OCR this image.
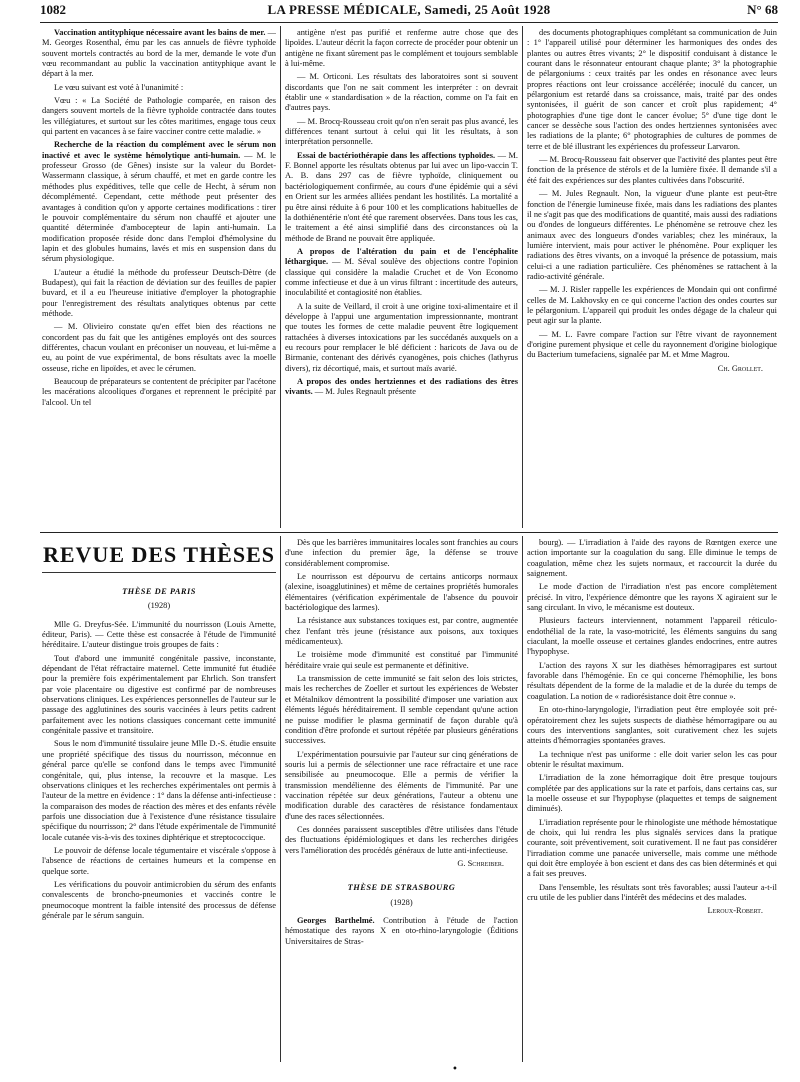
1082	LA PRESSE MÉDICALE, Samedi, 25 Août 1928	N° 68

Vaccination antityphique nécessaire avant les bains de mer. — M. Georges Rosenthal, ému par les cas annuels de fièvre typhoïde souvent mortels contractés au bord de la mer, demande le vote d'un vœu recommandant au public la vaccination antityphique avant le départ à la mer.

Le vœu suivant est voté à l'unanimité :

Vœu : « La Société de Pathologie comparée, en raison des dangers souvent mortels de la fièvre typhoïde contractée dans toutes les villégiatures, et surtout sur les côtes maritimes, engage tous ceux qui partent en vacances à se faire vacciner contre cette maladie. »

Recherche de la réaction du complément avec le sérum non inactivé et avec le système hémolytique anti-humain. — M. le professeur Grosso (de Gênes) insiste sur la valeur du Bordet-Wassermann classique, à sérum chauffé, et met en garde contre les méthodes plus expéditives, telle que celle de Hecht, à sérum non décomplémenté. Cependant, cette méthode peut présenter des avantages à condition qu'on y apporte certaines modifications : tirer le pouvoir complémentaire du sérum non chauffé et ajouter une quantité déterminée d'ambocepteur de lapin anti-humain. La modification proposée réside donc dans l'emploi d'hémolysine du lapin et des globules humains, lavés et mis en suspension dans du sérum physiologique.

L'auteur a étudié la méthode du professeur Deutsch-Dètre (de Budapest), qui fait la réaction de déviation sur des feuilles de papier buvard, et il a eu l'heureuse initiative d'employer la photographie pour l'enregistrement des résultats analytiques obtenus par cette méthode.

— M. Olivieiro constate qu'en effet bien des réactions ne concordent pas du fait que les antigènes employés ont des sources différentes, chacun voulant en préconiser un nouveau, et lui-même a eu, au point de vue expérimental, de bons résultats avec la moelle osseuse, riche en lipoïdes, et avec le cérumen.

Beaucoup de préparateurs se contentent de précipiter par l'acétone les macérations alcooliques d'organes et reprennent le précipité par l'alcool. Un tel

antigène n'est pas purifié et renferme autre chose que des lipoïdes. L'auteur décrit la façon correcte de procéder pour obtenir un antigène ne fixant sûrement pas le complément et toujours semblable à lui-même.

— M. Orticoni. Les résultats des laboratoires sont si souvent discordants que l'on ne sait comment les interpréter : on devrait établir une « standardisation » de la réaction, comme on l'a fait en d'autres pays.

— M. Brocq-Rousseau croit qu'on n'en serait pas plus avancé, les différences tenant surtout à celui qui lit les résultats, à son interprétation personnelle.

Essai de bactériothérapie dans les affections typhoïdes. — M. F. Bonnel apporte les résultats obtenus par lui avec un lipo-vaccin T. A. B. dans 297 cas de fièvre typhoïde, cliniquement ou bactériologiquement confirmée, au cours d'une épidémie qui a sévi en Orient sur les armées alliées pendant les hostilités. La mortalité a pu être ainsi réduite à 6 pour 100 et les complications habituelles de la dothiénentérie n'ont été que rarement observées. Dans tous les cas, le traitement a été ainsi simplifié dans des circonstances où la méthode de Brand ne pouvait être appliquée.

A propos de l'altération du pain et de l'encéphalite léthargique. — M. Séval soulève des objections contre l'opinion classique qui considère la maladie Cruchet et de Von Economo comme infectieuse et due à un virus filtrant : incertitude des auteurs, inoculabilité et contagiosité non établies.

A la suite de Veillard, il croit à une origine toxi-alimentaire et il développe à l'appui une argumentation impressionnante, montrant que toutes les formes de cette maladie peuvent être logiquement rattachées à diverses intoxications par les succédanés auxquels on a eu recours pour remplacer le blé déficient : haricots de Java ou de Birmanie, contenant des dérivés cyanogènes, pois chiches (lathyrus divers), riz décortiqué, mais, et surtout maïs avarié.

A propos des ondes hertziennes et des radiations des êtres vivants. — M. Jules Regnault présente

des documents photographiques complétant sa communication de Juin : 1° l'appareil utilisé pour déterminer les harmoniques des ondes des plantes ou autres êtres vivants; 2° le dispositif conduisant à distance le courant dans le résonnateur entourant chaque plante; 3° la photographie de pélargoniums : ceux traités par les ondes en résonance avec leurs propres réactions ont leur croissance accélérée; inoculé du cancer, un pélargonium est retardé dans sa croissance, mais, traité par des ondes syntonisées, il guérit de son cancer et croît plus rapidement; 4° photographies d'une tige dont le cancer évolue; 5° d'une tige dont le cancer se dessèche sous l'action des ondes hertziennes syntonisées avec les radiations de la plante; 6° photographies de cultures de pommes de terre et de blé illustrant les expériences du professeur Larvaron.

— M. Brocq-Rousseau fait observer que l'activité des plantes peut être fonction de la présence de stérols et de la lumière fixée. Il demande s'il a été fait des expériences sur des plantes cultivées dans l'obscurité.

— M. Jules Regnault. Non, la vigueur d'une plante est peut-être fonction de l'énergie lumineuse fixée, mais dans les radiations des plantes il ne s'agit pas que des modifications de quantité, mais aussi des radiations ou d'ondes de longueurs différentes. Le phénomène se retrouve chez les animaux avec des longueurs d'ondes variables; chez les minéraux, la lumière intervient, mais pour activer le phénomène. Pour expliquer les radiations des êtres vivants, on a invoqué la présence de potassium, mais celui-ci a une radiation particulière. Ces phénomènes se rattachent à la radio-activité générale.

— M. J. Risler rappelle les expériences de Mondain qui ont confirmé celles de M. Lakhovsky en ce qui concerne l'action des ondes courtes sur le pélargonium. L'appareil qui produit les ondes dégage de la chaleur qui peut agir sur la plante.

— M. L. Favre compare l'action sur l'être vivant de rayonnement d'origine purement physique et celle du rayonnement d'origine biologique du Bacterium tumefaciens, signalée par M. et Mme Magrou.

Ch. Grollet.

REVUE DES THÈSES

THÈSE DE PARIS

(1928)

Mlle G. Dreyfus-Sée. L'immunité du nourrisson (Louis Arnette, éditeur, Paris). — Cette thèse est consacrée à l'étude de l'immunité héréditaire. L'auteur distingue trois groupes de faits :

Tout d'abord une immunité congénitale passive, inconstante, dépendant de l'état réfractaire maternel. Cette immunité fut étudiée pour la première fois expérimentalement par Ehrlich. Son transfert par voie placentaire ou digestive est confirmé par de nombreuses observations cliniques. Les expériences personnelles de l'auteur sur le passage des agglutinines des souris vaccinées à leurs petits cadrent parfaitement avec les notions classiques concernant cette immunité congénitale passive et transitoire.

Sous le nom d'immunité tissulaire jeune Mlle D.-S. étudie ensuite une propriété spécifique des tissus du nourrisson, méconnue en général parce qu'elle se confond dans le temps avec l'immunité congénitale, qui, plus intense, la recouvre et la masque. Les observations cliniques et les recherches expérimentales ont permis à l'auteur de la mettre en évidence : 1° dans la défense anti-infectieuse : la comparaison des modes de réaction des mères et des enfants révèle parfois une dissociation due à l'existence d'une résistance tissulaire spécifique du nourrisson; 2° dans l'étude expérimentale de l'immunité locale cutanée vis-à-vis des toxines diphtérique et streptococcique.

Le pouvoir de défense locale tégumentaire et viscérale s'oppose à l'absence de réactions de certaines humeurs et la compense en quelque sorte.

Les vérifications du pouvoir antimicrobien du sérum des enfants convalescents de broncho-pneumonies et vaccinés contre le pneumocoque montrent la faible intensité des processus de défense générale par le sérum sanguin.

Dès que les barrières immunitaires locales sont franchies au cours d'une infection du premier âge, la défense se trouve considérablement compromise.

Le nourrisson est dépourvu de certains anticorps normaux (alexine, isoagglutinines) et même de certaines propriétés humorales élémentaires (vérification expérimentale de l'absence du pouvoir bactériologique des larmes).

La résistance aux substances toxiques est, par contre, augmentée chez l'enfant très jeune (résistance aux poisons, aux toxiques médicamenteux).

Le troisième mode d'immunité est constitué par l'immunité héréditaire vraie qui seule est permanente et définitive.

La transmission de cette immunité se fait selon des lois strictes, mais les recherches de Zoeller et surtout les expériences de Webster et Métalnikov démontrent la possibilité d'imposer une variation aux éléments légués héréditairement. Il semble cependant qu'une action ne puisse modifier le plasma germinatif de façon durable qu'à condition d'être profonde et surtout répétée par plusieurs générations successives.

L'expérimentation poursuivie par l'auteur sur cinq générations de souris lui a permis de sélectionner une race réfractaire et une race sensibilisée au pneumocoque. Elle a permis de vérifier la transmission mendélienne des éléments de l'immunité. Par une vaccination répétée sur deux générations, l'auteur a obtenu une modification durable des caractères de résistance fondamentaux d'une des races sélectionnées.

Ces données paraissent susceptibles d'être utilisées dans l'étude des fluctuations épidémiologiques et dans les recherches dirigées vers l'amélioration des procédés généraux de lutte anti-infectieuse.

G. Schreiber.

THÈSE DE STRASBOURG

(1928)

Georges Barthelmé. Contribution à l'étude de l'action hémostatique des rayons X en oto-rhino-laryngologie (Éditions Universitaires de Stras-

bourg). — L'irradiation à l'aide des rayons de Rœntgen exerce une action importante sur la coagulation du sang. Elle diminue le temps de coagulation, même chez les sujets normaux, et raccourcit la durée du saignement.

Le mode d'action de l'irradiation n'est pas encore complètement précisé. In vitro, l'expérience démontre que les rayons X agiraient sur le sang circulant. In vivo, le mécanisme est douteux.

Plusieurs facteurs interviennent, notamment l'appareil réticulo-endothélial de la rate, la vaso-motricité, les éléments sanguins du sang ciaculant, la moelle osseuse et certaines glandes endocrines, entre autres l'hypophyse.

L'action des rayons X sur les diathèses hémorragipares est surtout favorable dans l'hémogénie. En ce qui concerne l'hémophilie, les bons résultats dépendent de la forme de la maladie et de la durée du temps de coagulation. La notion de « radiorésistance doit être connue ».

En oto-rhino-laryngologie, l'irradiation peut être employée soit pré-opératoirement chez les sujets suspects de diathèse hémorragipare ou au cours des interventions sanglantes, soit curativement chez les sujets atteints d'hémorragies spontanées graves.

La technique n'est pas uniforme : elle doit varier selon les cas pour obtenir le résultat maximum.

L'irradiation de la zone hémorragique doit être presque toujours complétée par des applications sur la rate et parfois, dans certains cas, sur la moelle osseuse et sur l'hypophyse (plaquettes et temps de saignement diminués).

L'irradiation représente pour le rhinologiste une méthode hémostatique de choix, qui lui rendra les plus signalés services dans la pratique courante, soit préventivement, soit curativement. Il ne faut pas considérer l'irradiation comme une panacée universelle, mais comme une méthode qui doit être employée à bon escient et dans des cas bien déterminés et qui a fait ses preuves.

Dans l'ensemble, les résultats sont très favorables; aussi l'auteur a-t-il cru utile de les publier dans l'intérêt des médecins et des malades.

Leroux-Robert.

•
